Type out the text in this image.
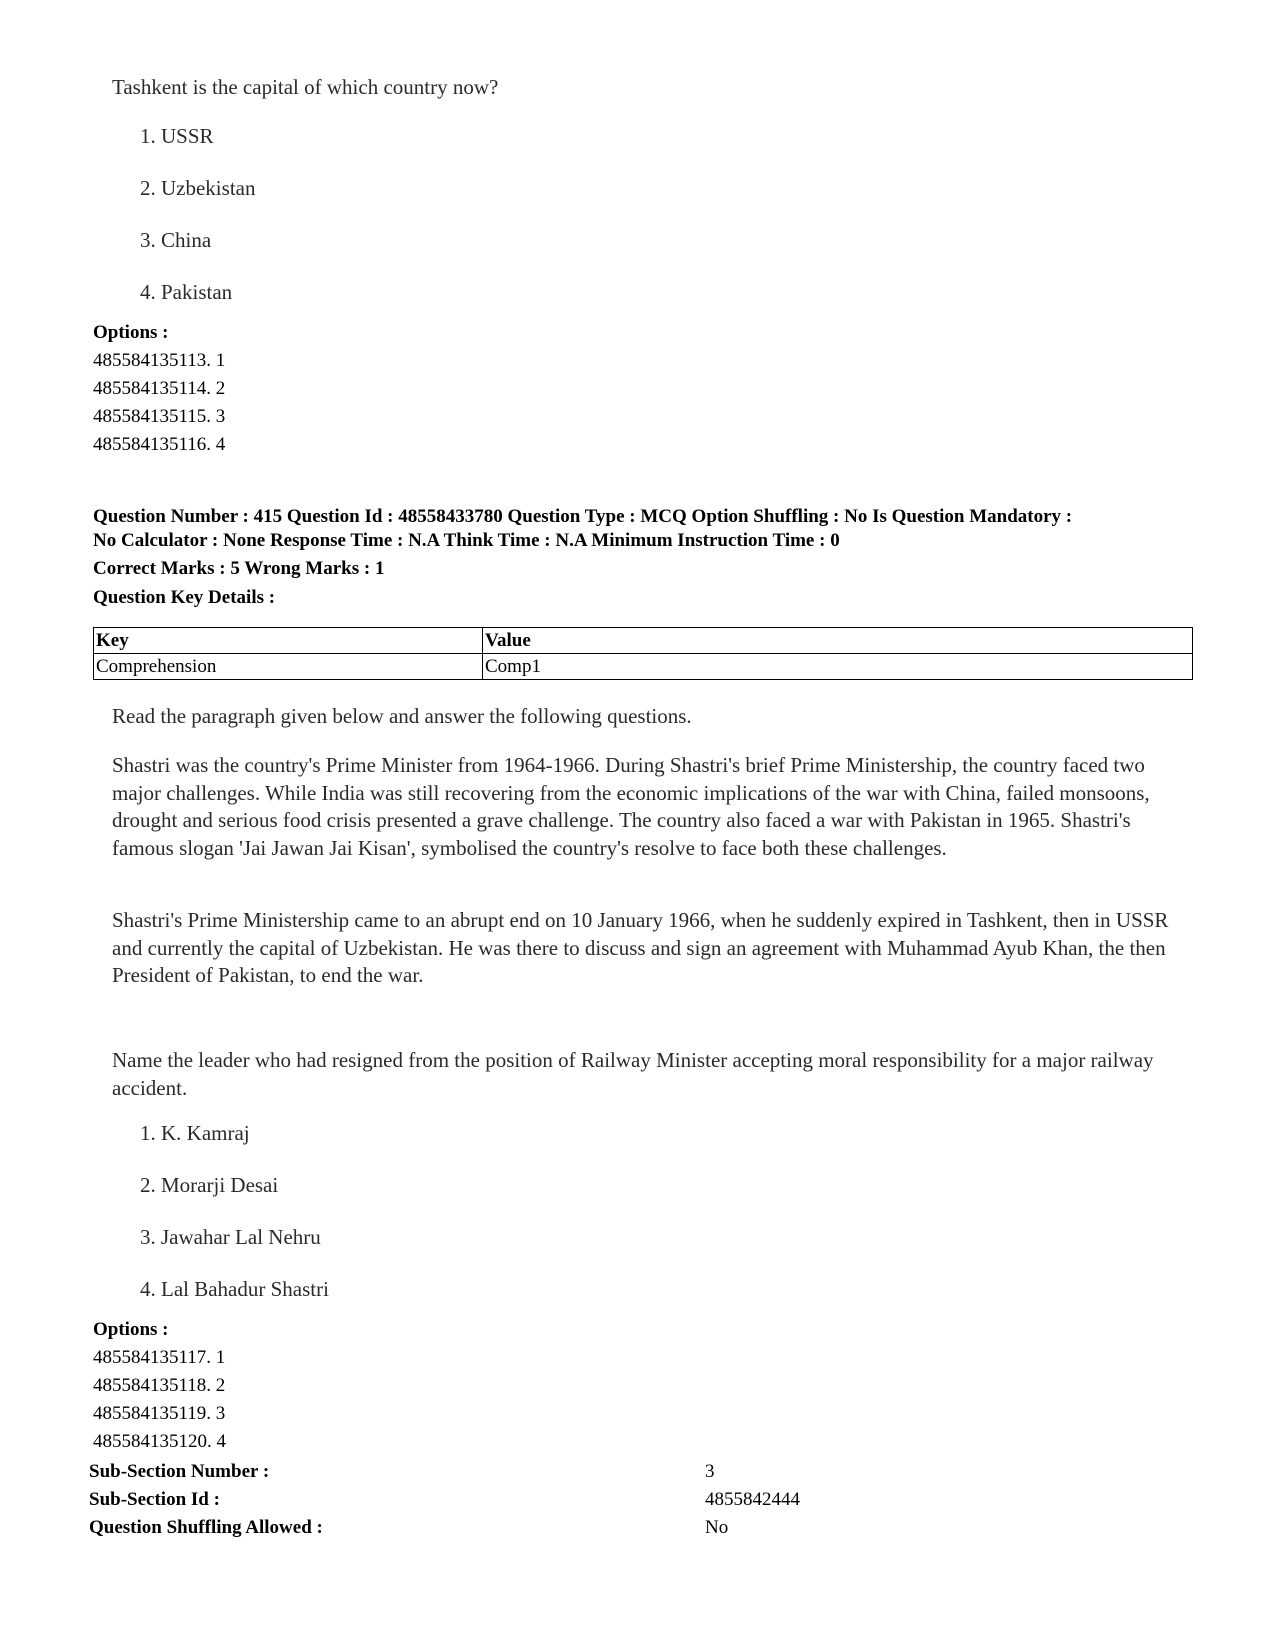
Tashkent is the capital of which country now?
1. USSR
2. Uzbekistan
3. China
4. Pakistan
Options :
485584135113. 1
485584135114. 2
485584135115. 3
485584135116. 4
Question Number : 415 Question Id : 48558433780 Question Type : MCQ Option Shuffling : No Is Question Mandatory :
No Calculator : None Response Time : N.A Think Time : N.A Minimum Instruction Time : 0
Correct Marks : 5 Wrong Marks : 1
Question Key Details :
Key	Value
Comprehension	Comp1
Read the paragraph given below and answer the following questions.
Shastri was the country's Prime Minister from 1964-1966. During Shastri's brief Prime Ministership, the country faced two major challenges. While India was still recovering from the economic implications of the war with China, failed monsoons, drought and serious food crisis presented a grave challenge. The country also faced a war with Pakistan in 1965. Shastri's famous slogan 'Jai Jawan Jai Kisan', symbolised the country's resolve to face both these challenges.
Shastri's Prime Ministership came to an abrupt end on 10 January 1966, when he suddenly expired in Tashkent, then in USSR and currently the capital of Uzbekistan. He was there to discuss and sign an agreement with Muhammad Ayub Khan, the then President of Pakistan, to end the war.
Name the leader who had resigned from the position of Railway Minister accepting moral responsibility for a major railway accident.
1. K. Kamraj
2. Morarji Desai
3. Jawahar Lal Nehru
4. Lal Bahadur Shastri
Options :
485584135117. 1
485584135118. 2
485584135119. 3
485584135120. 4
Sub-Section Number :	3
Sub-Section Id :	4855842444
Question Shuffling Allowed :	No
